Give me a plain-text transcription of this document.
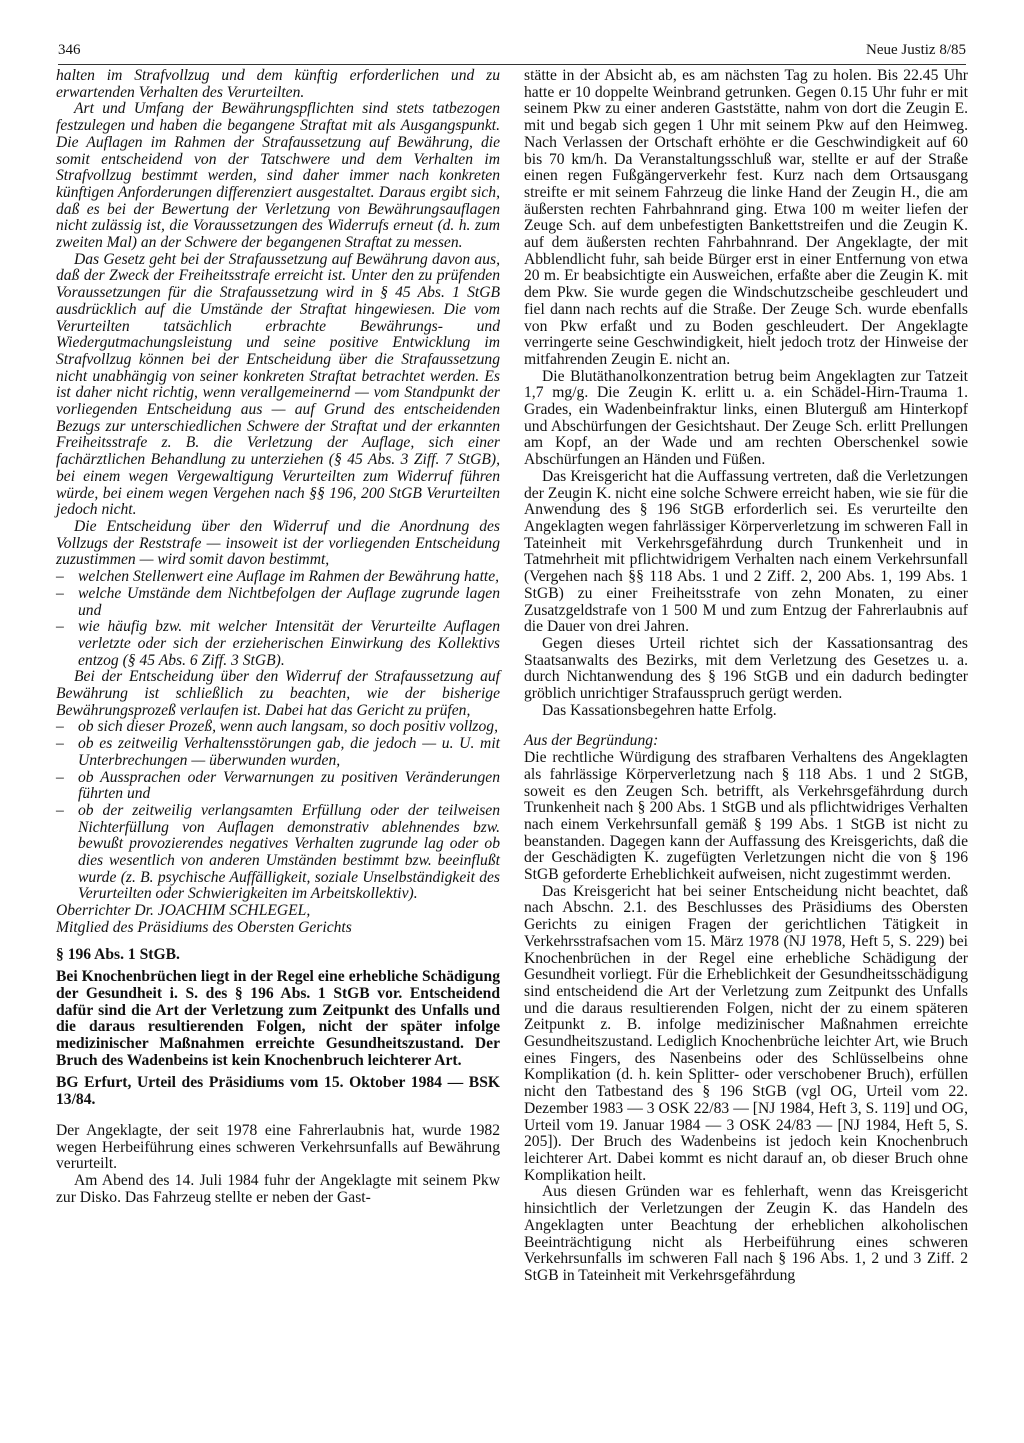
346	Neue Justiz 8/85

halten im Strafvollzug und dem künftig erforderlichen und zu erwartenden Verhalten des Verurteilten.

Art und Umfang der Bewährungspflichten sind stets tatbezogen festzulegen und haben die begangene Straftat mit als Ausgangspunkt. Die Auflagen im Rahmen der Strafaussetzung auf Bewährung, die somit entscheidend von der Tatschwere und dem Verhalten im Strafvollzug bestimmt werden, sind daher immer nach konkreten künftigen Anforderungen differenziert ausgestaltet. Daraus ergibt sich, daß es bei der Bewertung der Verletzung von Bewährungsauflagen nicht zulässig ist, die Voraussetzungen des Widerrufs erneut (d. h. zum zweiten Mal) an der Schwere der begangenen Straftat zu messen.

Das Gesetz geht bei der Strafaussetzung auf Bewährung davon aus, daß der Zweck der Freiheitsstrafe erreicht ist. Unter den zu prüfenden Voraussetzungen für die Strafaussetzung wird in § 45 Abs. 1 StGB ausdrücklich auf die Umstände der Straftat hingewiesen. Die vom Verurteilten tatsächlich erbrachte Bewährungs- und Wiedergutmachungsleistung und seine positive Entwicklung im Strafvollzug können bei der Entscheidung über die Strafaussetzung nicht unabhängig von seiner konkreten Straftat betrachtet werden. Es ist daher nicht richtig, wenn verallgemeinernd — vom Standpunkt der vorliegenden Entscheidung aus — auf Grund des entscheidenden Bezugs zur unterschiedlichen Schwere der Straftat und der erkannten Freiheitsstrafe z. B. die Verletzung der Auflage, sich einer fachärztlichen Behandlung zu unterziehen (§ 45 Abs. 3 Ziff. 7 StGB), bei einem wegen Vergewaltigung Verurteilten zum Widerruf führen würde, bei einem wegen Vergehen nach §§ 196, 200 StGB Verurteilten jedoch nicht.

Die Entscheidung über den Widerruf und die Anordnung des Vollzugs der Reststrafe — insoweit ist der vorliegenden Entscheidung zuzustimmen — wird somit davon bestimmt,

– welchen Stellenwert eine Auflage im Rahmen der Bewährung hatte,
– welche Umstände dem Nichtbefolgen der Auflage zugrunde lagen und
– wie häufig bzw. mit welcher Intensität der Verurteilte Auflagen verletzte oder sich der erzieherischen Einwirkung des Kollektivs entzog (§ 45 Abs. 6 Ziff. 3 StGB).

Bei der Entscheidung über den Widerruf der Strafaussetzung auf Bewährung ist schließlich zu beachten, wie der bisherige Bewährungsprozeß verlaufen ist. Dabei hat das Gericht zu prüfen,

– ob sich dieser Prozeß, wenn auch langsam, so doch positiv vollzog,
– ob es zeitweilig Verhaltensstörungen gab, die jedoch — u. U. mit Unterbrechungen — überwunden wurden,
– ob Aussprachen oder Verwarnungen zu positiven Veränderungen führten und
– ob der zeitweilig verlangsamten Erfüllung oder der teilweisen Nichterfüllung von Auflagen demonstrativ ablehnendes bzw. bewußt provozierendes negatives Verhalten zugrunde lag oder ob dies wesentlich von anderen Umständen bestimmt bzw. beeinflußt wurde (z. B. psychische Auffälligkeit, soziale Unselbständigkeit des Verurteilten oder Schwierigkeiten im Arbeitskollektiv).

Oberrichter Dr. JOACHIM SCHLEGEL,

Mitglied des Präsidiums des Obersten Gerichts

§ 196 Abs. 1 StGB.

Bei Knochenbrüchen liegt in der Regel eine erhebliche Schädigung der Gesundheit i. S. des § 196 Abs. 1 StGB vor. Entscheidend dafür sind die Art der Verletzung zum Zeitpunkt des Unfalls und die daraus resultierenden Folgen, nicht der später infolge medizinischer Maßnahmen erreichte Gesundheitszustand. Der Bruch des Wadenbeins ist kein Knochenbruch leichterer Art.

BG Erfurt, Urteil des Präsidiums vom 15. Oktober 1984 — BSK 13/84.

Der Angeklagte, der seit 1978 eine Fahrerlaubnis hat, wurde 1982 wegen Herbeiführung eines schweren Verkehrsunfalls auf Bewährung verurteilt.

Am Abend des 14. Juli 1984 fuhr der Angeklagte mit seinem Pkw zur Disko. Das Fahrzeug stellte er neben der Gast-

stätte in der Absicht ab, es am nächsten Tag zu holen. Bis 22.45 Uhr hatte er 10 doppelte Weinbrand getrunken. Gegen 0.15 Uhr fuhr er mit seinem Pkw zu einer anderen Gaststätte, nahm von dort die Zeugin E. mit und begab sich gegen 1 Uhr mit seinem Pkw auf den Heimweg. Nach Verlassen der Ortschaft erhöhte er die Geschwindigkeit auf 60 bis 70 km/h. Da Veranstaltungsschluß war, stellte er auf der Straße einen regen Fußgängerverkehr fest. Kurz nach dem Ortsausgang streifte er mit seinem Fahrzeug die linke Hand der Zeugin H., die am äußersten rechten Fahrbahnrand ging. Etwa 100 m weiter liefen der Zeuge Sch. auf dem unbefestigten Bankettstreifen und die Zeugin K. auf dem äußersten rechten Fahrbahnrand. Der Angeklagte, der mit Abblendlicht fuhr, sah beide Bürger erst in einer Entfernung von etwa 20 m. Er beabsichtigte ein Ausweichen, erfaßte aber die Zeugin K. mit dem Pkw. Sie wurde gegen die Windschutzscheibe geschleudert und fiel dann nach rechts auf die Straße. Der Zeuge Sch. wurde ebenfalls von Pkw erfaßt und zu Boden geschleudert. Der Angeklagte verringerte seine Geschwindigkeit, hielt jedoch trotz der Hinweise der mitfahrenden Zeugin E. nicht an.

Die Blutäthanolkonzentration betrug beim Angeklagten zur Tatzeit 1,7 mg/g. Die Zeugin K. erlitt u. a. ein Schädel-Hirn-Trauma 1. Grades, ein Wadenbeinfraktur links, einen Bluterguß am Hinterkopf und Abschürfungen der Gesichtshaut. Der Zeuge Sch. erlitt Prellungen am Kopf, an der Wade und am rechten Oberschenkel sowie Abschürfungen an Händen und Füßen.

Das Kreisgericht hat die Auffassung vertreten, daß die Verletzungen der Zeugin K. nicht eine solche Schwere erreicht haben, wie sie für die Anwendung des § 196 StGB erforderlich sei. Es verurteilte den Angeklagten wegen fahrlässiger Körperverletzung im schweren Fall in Tateinheit mit Verkehrsgefährdung durch Trunkenheit und in Tatmehrheit mit pflichtwidrigem Verhalten nach einem Verkehrsunfall (Vergehen nach §§ 118 Abs. 1 und 2 Ziff. 2, 200 Abs. 1, 199 Abs. 1 StGB) zu einer Freiheitsstrafe von zehn Monaten, zu einer Zusatzgeldstrafe von 1 500 M und zum Entzug der Fahrerlaubnis auf die Dauer von drei Jahren.

Gegen dieses Urteil richtet sich der Kassationsantrag des Staatsanwalts des Bezirks, mit dem Verletzung des Gesetzes u. a. durch Nichtanwendung des § 196 StGB und ein dadurch bedingter gröblich unrichtiger Strafausspruch gerügt werden.

Das Kassationsbegehren hatte Erfolg.

Aus der Begründung:

Die rechtliche Würdigung des strafbaren Verhaltens des Angeklagten als fahrlässige Körperverletzung nach § 118 Abs. 1 und 2 StGB, soweit es den Zeugen Sch. betrifft, als Verkehrsgefährdung durch Trunkenheit nach § 200 Abs. 1 StGB und als pflichtwidriges Verhalten nach einem Verkehrsunfall gemäß § 199 Abs. 1 StGB ist nicht zu beanstanden. Dagegen kann der Auffassung des Kreisgerichts, daß die der Geschädigten K. zugefügten Verletzungen nicht die von § 196 StGB geforderte Erheblichkeit aufweisen, nicht zugestimmt werden.

Das Kreisgericht hat bei seiner Entscheidung nicht beachtet, daß nach Abschn. 2.1. des Beschlusses des Präsidiums des Obersten Gerichts zu einigen Fragen der gerichtlichen Tätigkeit in Verkehrsstrafsachen vom 15. März 1978 (NJ 1978, Heft 5, S. 229) bei Knochenbrüchen in der Regel eine erhebliche Schädigung der Gesundheit vorliegt. Für die Erheblichkeit der Gesundheitsschädigung sind entscheidend die Art der Verletzung zum Zeitpunkt des Unfalls und die daraus resultierenden Folgen, nicht der zu einem späteren Zeitpunkt z. B. infolge medizinischer Maßnahmen erreichte Gesundheitszustand. Lediglich Knochenbrüche leichter Art, wie Bruch eines Fingers, des Nasenbeins oder des Schlüsselbeins ohne Komplikation (d. h. kein Splitter- oder verschobener Bruch), erfüllen nicht den Tatbestand des § 196 StGB (vgl OG, Urteil vom 22. Dezember 1983 — 3 OSK 22/83 — [NJ 1984, Heft 3, S. 119] und OG, Urteil vom 19. Januar 1984 — 3 OSK 24/83 — [NJ 1984, Heft 5, S. 205]). Der Bruch des Wadenbeins ist jedoch kein Knochenbruch leichterer Art. Dabei kommt es nicht darauf an, ob dieser Bruch ohne Komplikation heilt.

Aus diesen Gründen war es fehlerhaft, wenn das Kreisgericht hinsichtlich der Verletzungen der Zeugin K. das Handeln des Angeklagten unter Beachtung der erheblichen alkoholischen Beeinträchtigung nicht als Herbeiführung eines schweren Verkehrsunfalls im schweren Fall nach § 196 Abs. 1, 2 und 3 Ziff. 2 StGB in Tateinheit mit Verkehrsgefährdung
